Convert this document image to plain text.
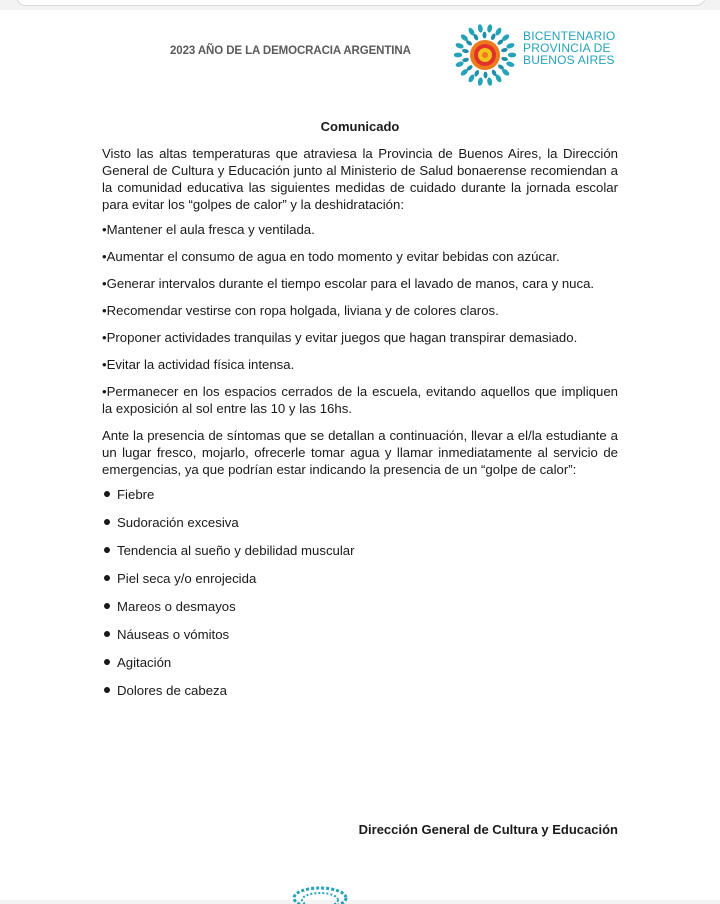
2023 AÑO DE LA DEMOCRACIA ARGENTINA
BICENTENARIO
PROVINCIA DE
BUENOS AIRES
Comunicado

Visto las altas temperaturas que atraviesa la Provincia de Buenos Aires, la Dirección General de Cultura y Educación junto al Ministerio de Salud bonaerense recomiendan a la comunidad educativa las siguientes medidas de cuidado durante la jornada escolar para evitar los “golpes de calor” y la deshidratación:

•Mantener el aula fresca y ventilada.

•Aumentar el consumo de agua en todo momento y evitar bebidas con azúcar.

•Generar intervalos durante el tiempo escolar para el lavado de manos, cara y nuca.

•Recomendar vestirse con ropa holgada, liviana y de colores claros.

•Proponer actividades tranquilas y evitar juegos que hagan transpirar demasiado.

•Evitar la actividad física intensa.

•Permanecer en los espacios cerrados de la escuela, evitando aquellos que impliquen la exposición al sol entre las 10 y las 16hs.

Ante la presencia de síntomas que se detallan a continuación, llevar a el/la estudiante a un lugar fresco, mojarlo, ofrecerle tomar agua y llamar inmediatamente al servicio de emergencias, ya que podrían estar indicando la presencia de un “golpe de calor”:

Fiebre
Sudoración excesiva
Tendencia al sueño y debilidad muscular
Piel seca y/o enrojecida
Mareos o desmayos
Náuseas o vómitos
Agitación
Dolores de cabeza
Dirección General de Cultura y Educación
